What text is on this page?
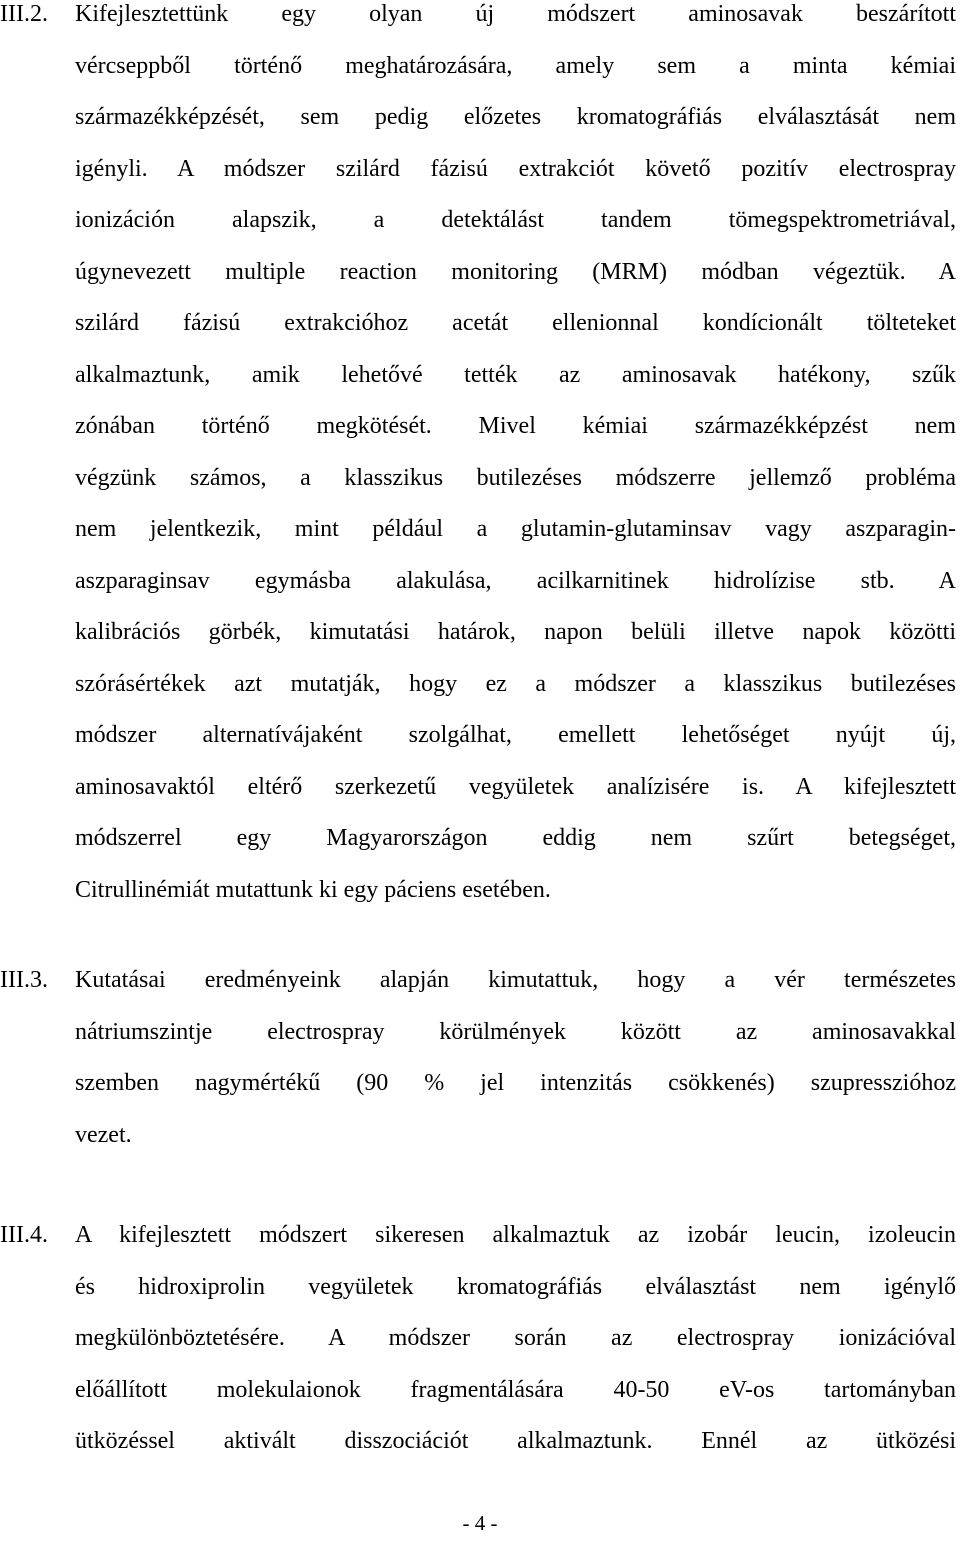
III.2. Kifejlesztettünk egy olyan új módszert aminosavak beszárított
vércseppből történő meghatározására, amely sem a minta kémiai
származékképzését, sem pedig előzetes kromatográfiás elválasztását nem
igényli. A módszer szilárd fázisú extrakciót követő pozitív electrospray
ionizáción alapszik, a detektálást tandem tömegspektrometriával,
úgynevezett multiple reaction monitoring (MRM) módban végeztük. A
szilárd fázisú extrakcióhoz acetát ellenionnal kondícionált tölteteket
alkalmaztunk, amik lehetővé tették az aminosavak hatékony, szűk
zónában történő megkötését. Mivel kémiai származékképzést nem
végzünk számos, a klasszikus butilezéses módszerre jellemző probléma
nem jelentkezik, mint például a glutamin-glutaminsav vagy aszparagin-
aszparaginsav egymásba alakulása, acilkarnitinek hidrolízise stb. A
kalibrációs görbék, kimutatási határok, napon belüli illetve napok közötti
szórásértékek azt mutatják, hogy ez a módszer a klasszikus butilezéses
módszer alternatívájaként szolgálhat, emellett lehetőséget nyújt új,
aminosavaktól eltérő szerkezetű vegyületek analízisére is. A kifejlesztett
módszerrel egy Magyarországon eddig nem szűrt betegséget,
Citrullinémiát mutattunk ki egy páciens esetében.
III.3. Kutatásai eredményeink alapján kimutattuk, hogy a vér természetes
nátriumszintje electrospray körülmények között az aminosavakkal
szemben nagymértékű (90 % jel intenzitás csökkenés) szupresszióhoz
vezet.
III.4. A kifejlesztett módszert sikeresen alkalmaztuk az izobár leucin, izoleucin
és hidroxiprolin vegyületek kromatográfiás elválasztást nem igénylő
megkülönböztetésére. A módszer során az electrospray ionizációval
előállított molekulaionok fragmentálására 40-50 eV-os tartományban
ütközéssel aktivált disszociációt alkalmaztunk. Ennél az ütközési
- 4 -
